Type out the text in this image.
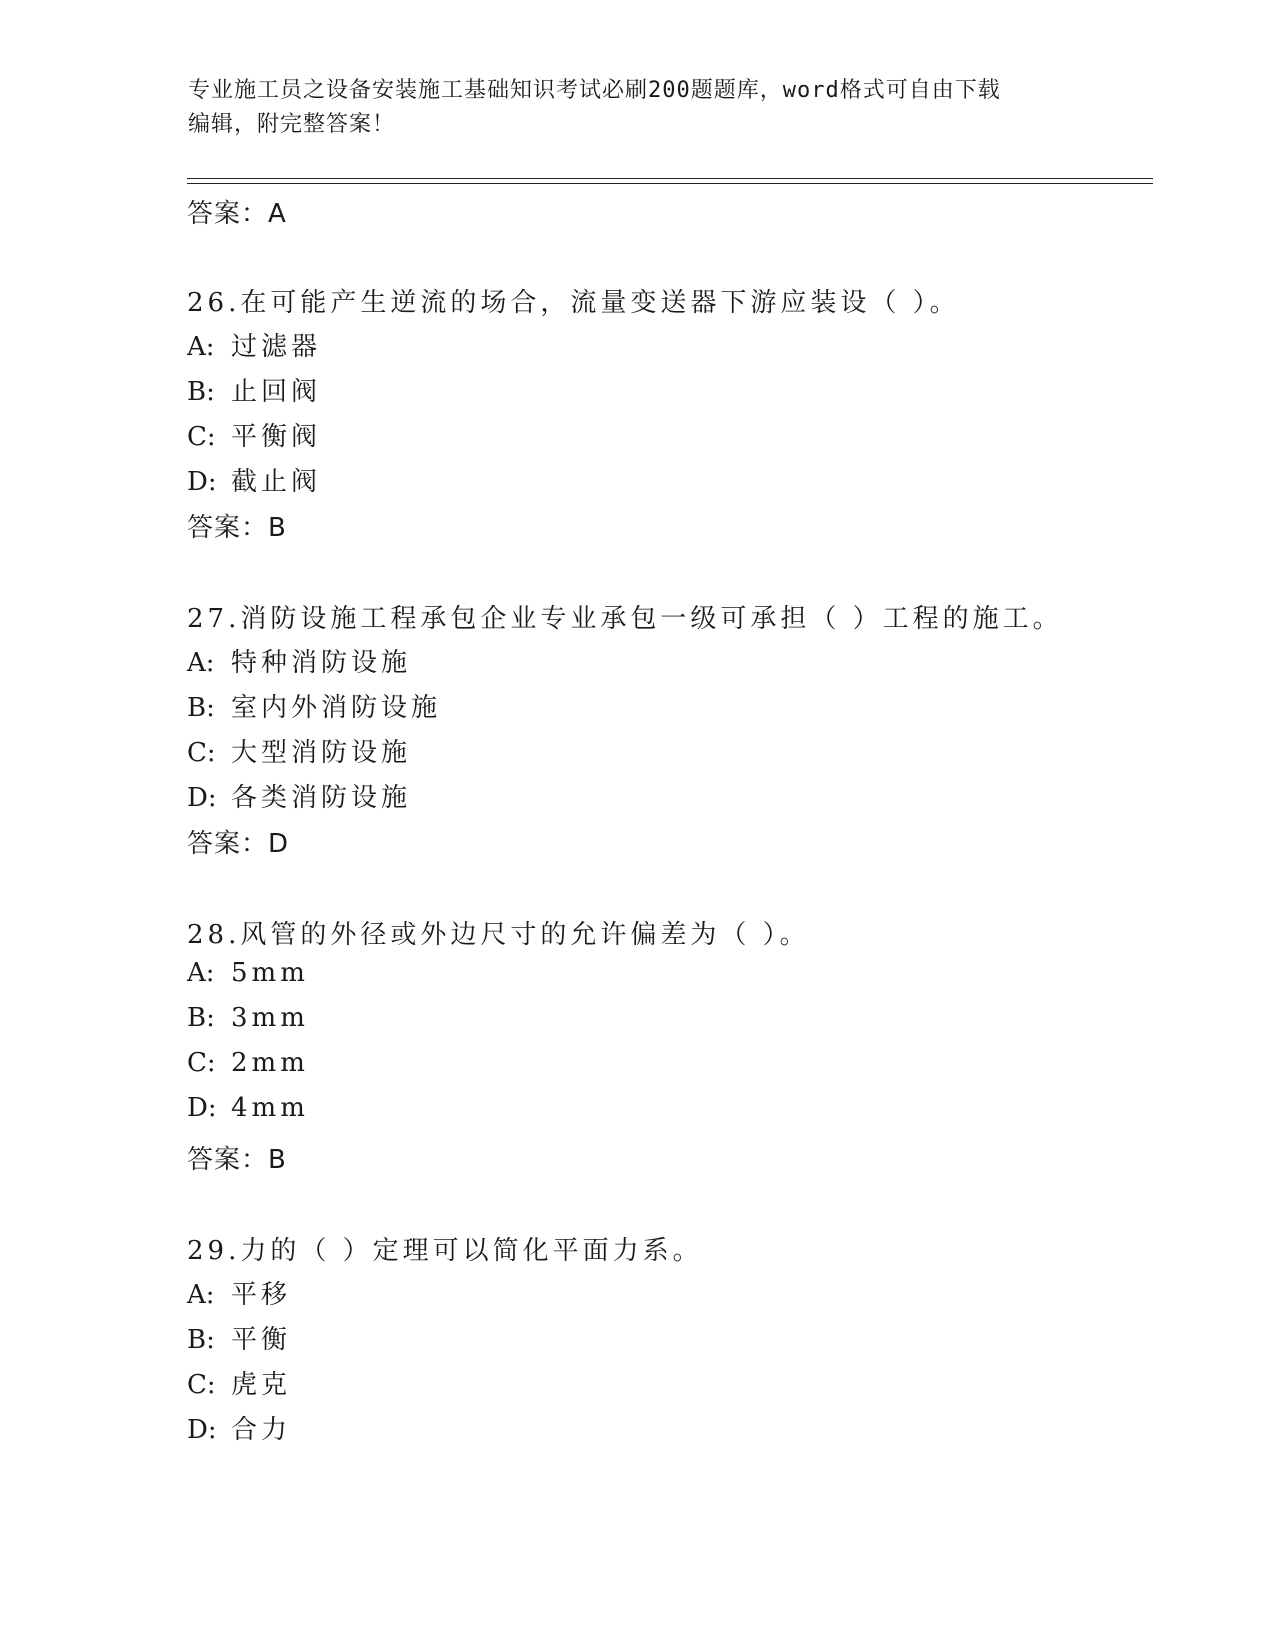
专业施工员之设备安装施工基础知识考试必刷200题题库，word格式可自由下载
编辑，附完整答案！
答案：A
26.在可能产生逆流的场合，流量变送器下游应装设（ ）。
A: 过滤器
B: 止回阀
C: 平衡阀
D: 截止阀
答案：B
27.消防设施工程承包企业专业承包一级可承担（ ）工程的施工。
A: 特种消防设施
B: 室内外消防设施
C: 大型消防设施
D: 各类消防设施
答案：D
28.风管的外径或外边尺寸的允许偏差为（ ）。
A: 5mm
B: 3mm
C: 2mm
D: 4mm
答案：B
29.力的（ ）定理可以简化平面力系。
A: 平移
B: 平衡
C: 虎克
D: 合力
